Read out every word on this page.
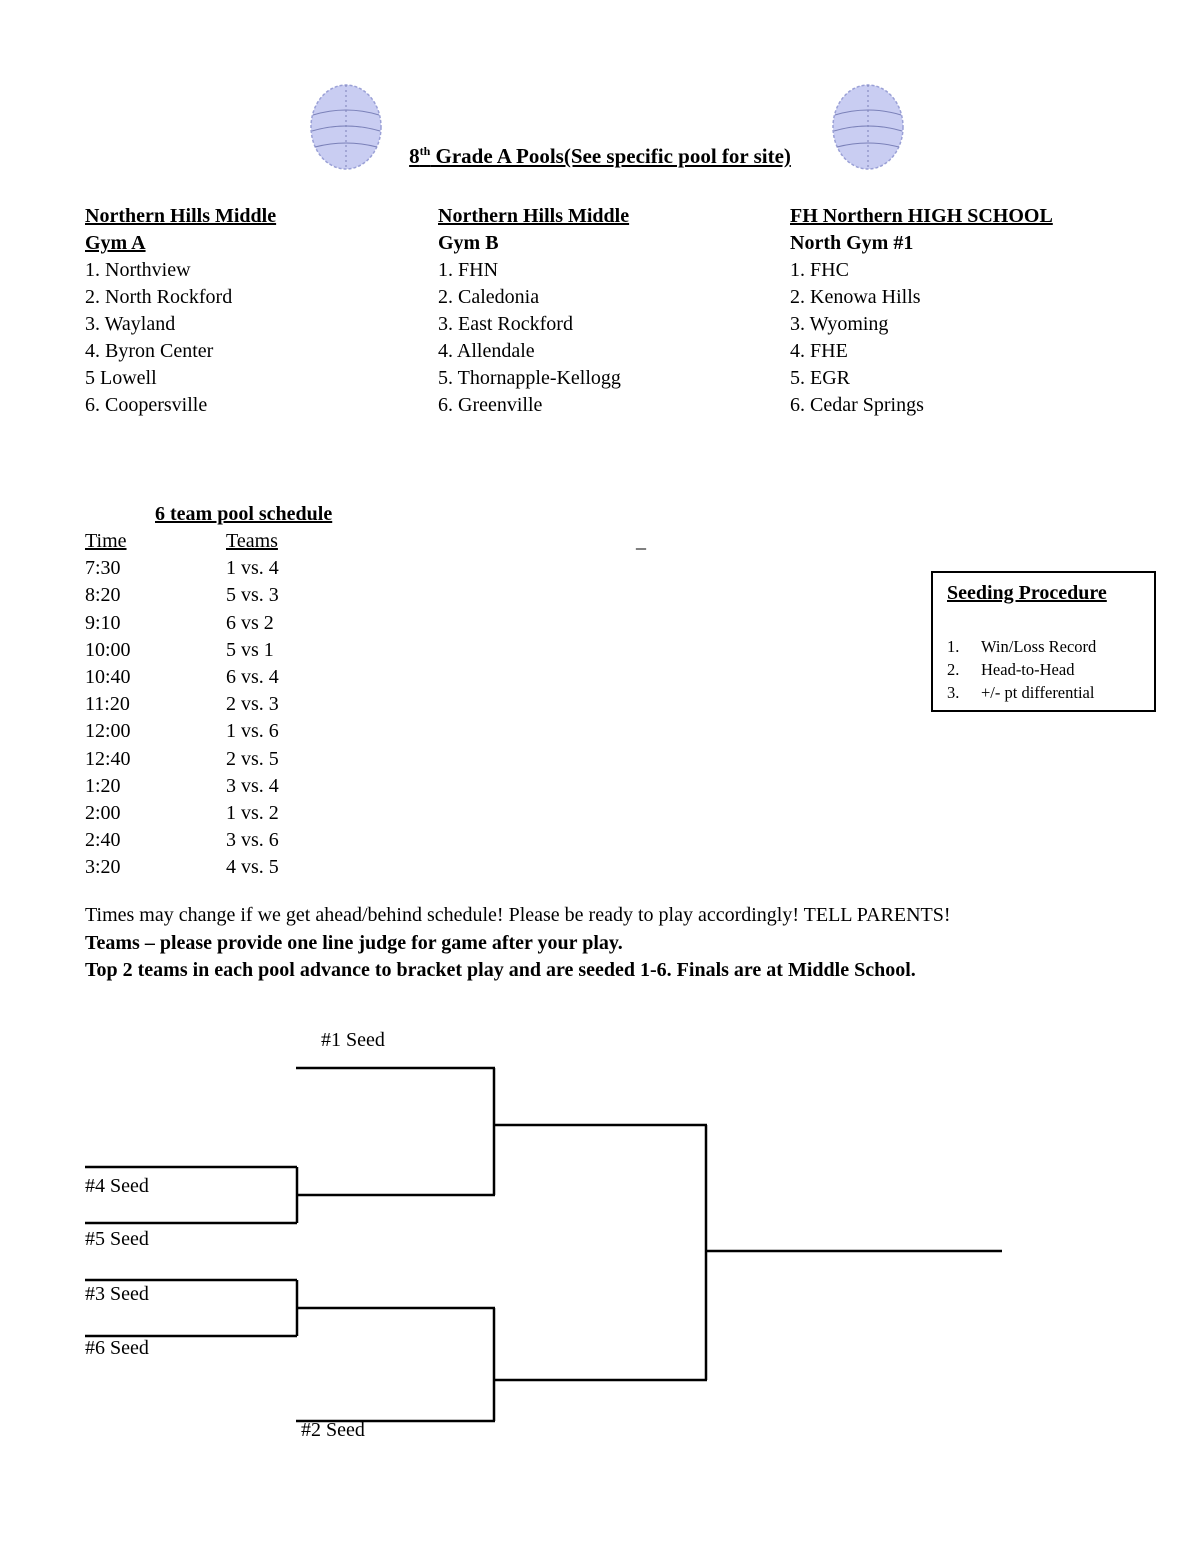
8th Grade A Pools(See specific pool for site)
Northern Hills Middle
Gym A
1. Northview
2. North Rockford
3. Wayland
4. Byron Center
5 Lowell
6. Coopersville
Northern Hills Middle
Gym B
1. FHN
2. Caledonia
3. East Rockford
4. Allendale
5. Thornapple-Kellogg
6. Greenville
FH Northern HIGH SCHOOL
North Gym #1
1. FHC
2. Kenowa Hills
3. Wyoming
4. FHE
5. EGR
6. Cedar Springs
6 team pool schedule
Time	Teams
7:30	1 vs. 4
8:20	5 vs. 3
9:10	6 vs 2
10:00	5 vs 1
10:40	6 vs. 4
11:20	2 vs. 3
12:00	1 vs. 6
12:40	2 vs. 5
1:20	3 vs. 4
2:00	1 vs. 2
2:40	3 vs. 6
3:20	4 vs. 5
_
Seeding Procedure
1. Win/Loss Record
2. Head-to-Head
3. +/- pt differential
Times may change if we get ahead/behind schedule! Please be ready to play accordingly! TELL PARENTS!
Teams – please provide one line judge for game after your play.
Top 2 teams in each pool advance to bracket play and are seeded 1-6. Finals are at Middle School.
#1 Seed
#4 Seed
#5 Seed
#3 Seed
#6 Seed
#2 Seed
